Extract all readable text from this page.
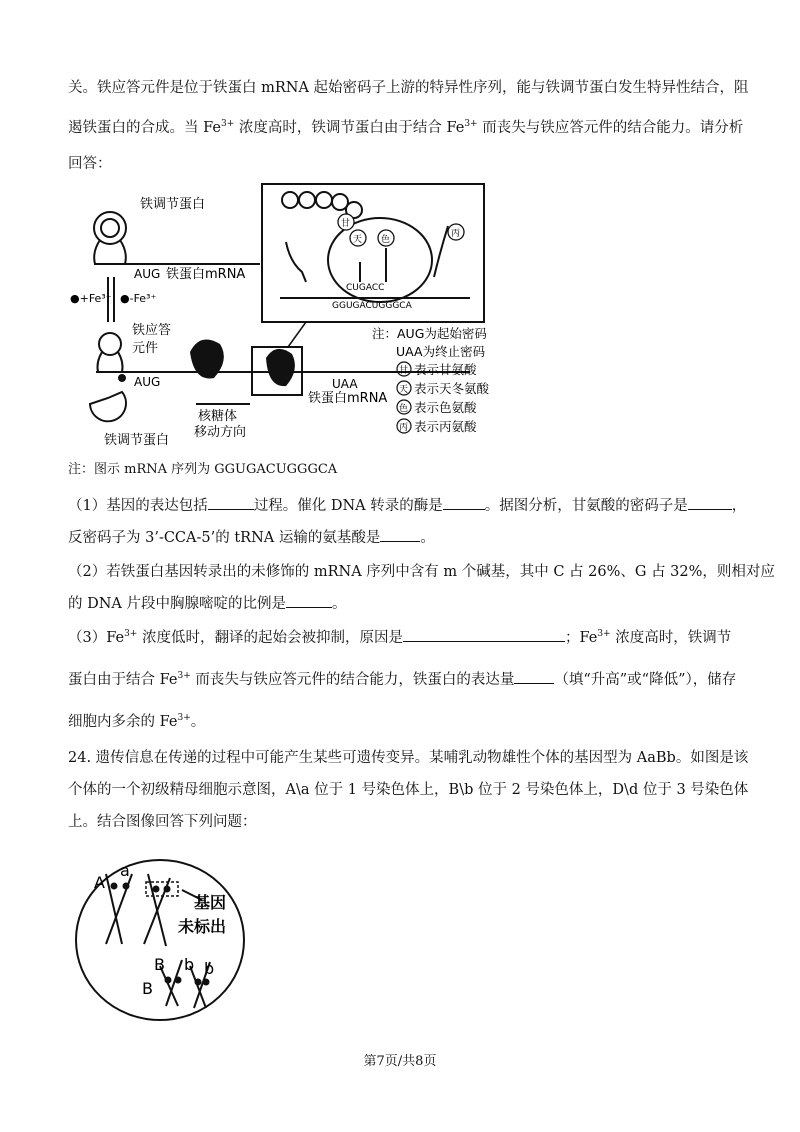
关。铁应答元件是位于铁蛋白 mRNA 起始密码子上游的特异性序列，能与铁调节蛋白发生特异性结合，阻
遏铁蛋白的合成。当 $Fe^{3+}$ 浓度高时，铁调节蛋白由于结合 $Fe^{3+}$ 而丧失与铁应答元件的结合能力。请分析
回答：
甘
天 色
丙
CUGACC
GGUGACUGGGCA
铁调节蛋白
AUG 铁蛋白mRNA
●+Fe³⁺ ●-Fe³⁺
铁应答
元件
AUG	UAA
铁蛋白mRNA
核糖体
移动方向
铁调节蛋白
注：AUG为起始密码
UAA为终止密码
甘
天
色
丙
表示甘氨酸
表示天冬氨酸
表示色氨酸
表示丙氨酸
注：图示 mRNA 序列为 GGUGACUGGGCA
（1）基因的表达包括	过程。催化 DNA 转录的酶是	。据图分析，甘氨酸的密码子是	，
反密码子为 3’-CCA-5’的 tRNA 运输的氨基酸是	。
（2）若铁蛋白基因转录出的未修饰的 mRNA 序列中含有 m 个碱基，其中 C 占 26%、G 占 32%，则相对应
的 DNA 片段中胸腺嘧啶的比例是	。
$(3)Fe^{3+}$ 浓度低时，翻译的起始会被抑制，原因是	；$Fe^{3+}$ 浓度高时，铁调节
蛋白由于结合 $Fe^{3+}$ 而丧失与铁应答元件的结合能力，铁蛋白的表达量	（填“升高”或“降低”），储存
细胞内多余的 $Fe^{3+}$。
24. 遗传信息在传递的过程中可能产生某些可遗传变异。某哺乳动物雄性个体的基因型为 AaBb。如图是该
个体的一个初级精母细胞示意图，A\a 位于 1 号染色体上，B\b 位于 2 号染色体上，D\d 位于 3 号染色体
上。结合图像回答下列问题：
A
a
B b b
B
基因
未标出
第7页/共8页
